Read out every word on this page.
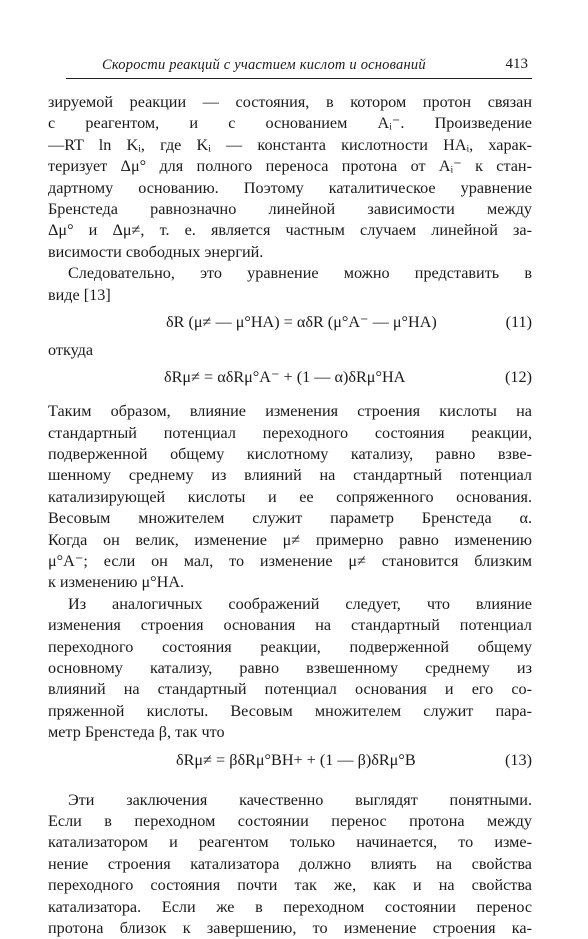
Скорости реакций с участием кислот и оснований	413
зируемой реакции — состояния, в котором протон связан
с реагентом, и с основанием Aᵢ⁻. Произведение
—RT ln Kᵢ, где Kᵢ — константа кислотности HAᵢ, харак-
теризует Δμ° для полного переноса протона от Aᵢ⁻ к стан-
дартному основанию. Поэтому каталитическое уравнение
Бренстеда равнозначно линейной зависимости между
Δμ° и Δμ≠, т. е. является частным случаем линейной за-
висимости свободных энергий.
Следовательно, это уравнение можно представить в
виде [13]
δR (μ≠ — μ°HA) = αδR (μ°A⁻ — μ°HA)	(11)
откуда
δRμ≠ = αδRμ°A⁻ + (1 — α)δRμ°HA	(12)
Таким образом, влияние изменения строения кислоты на
стандартный потенциал переходного состояния реакции,
подверженной общему кислотному катализу, равно взве-
шенному среднему из влияний на стандартный потенциал
катализирующей кислоты и ее сопряженного основания.
Весовым множителем служит параметр Бренстеда α.
Когда он велик, изменение μ≠ примерно равно изменению
μ°A⁻; если он мал, то изменение μ≠ становится близким
к изменению μ°HA.
Из аналогичных соображений следует, что влияние
изменения строения основания на стандартный потенциал
переходного состояния реакции, подверженной общему
основному катализу, равно взвешенному среднему из
влияний на стандартный потенциал основания и его со-
пряженной кислоты. Весовым множителем служит пара-
метр Бренстеда β, так что
δRμ≠ = βδRμ°BH+ + (1 — β)δRμ°B	(13)
Эти заключения качественно выглядят понятными.
Если в переходном состоянии перенос протона между
катализатором и реагентом только начинается, то изме-
нение строения катализатора должно влиять на свойства
переходного состояния почти так же, как и на свойства
катализатора. Если же в переходном состоянии перенос
протона близок к завершению, то изменение строения ка-
